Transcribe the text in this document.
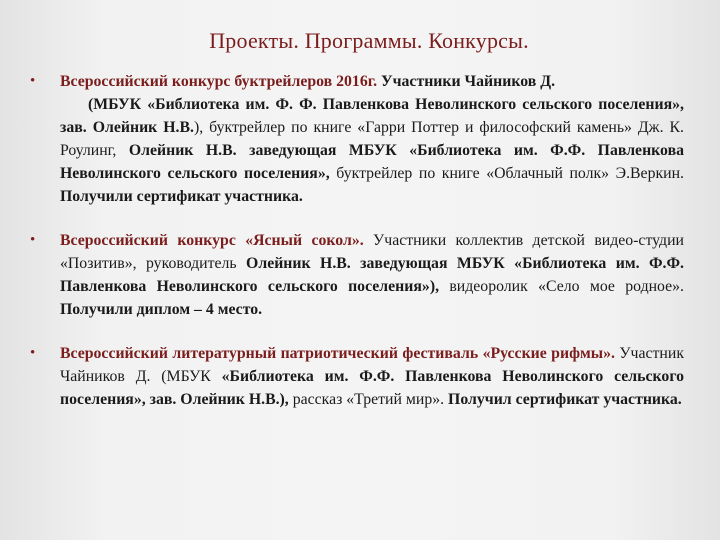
Проекты. Программы. Конкурсы.
• Всероссийский конкурс буктрейлеров 2016г. Участники Чайников Д.
(МБУК «Библиотека им. Ф. Ф. Павленкова Неволинского сельского поселения», зав. Олейник Н.В.), буктрейлер по книге «Гарри Поттер и философский камень» Дж. К. Роулинг, Олейник Н.В. заведующая МБУК «Библиотека им. Ф.Ф. Павленкова Неволинского сельского поселения», буктрейлер по книге «Облачный полк» Э.Веркин. Получили сертификат участника.
• Всероссийский конкурс «Ясный сокол». Участники коллектив детской видео-студии «Позитив», руководитель Олейник Н.В. заведующая МБУК «Библиотека им. Ф.Ф. Павленкова Неволинского сельского поселения»), видеоролик «Село мое родное». Получили диплом – 4 место.
• Всероссийский литературный патриотический фестиваль «Русские рифмы». Участник Чайников Д. (МБУК «Библиотека им. Ф.Ф. Павленкова Неволинского сельского поселения», зав. Олейник Н.В.), рассказ «Третий мир». Получил сертификат участника.
